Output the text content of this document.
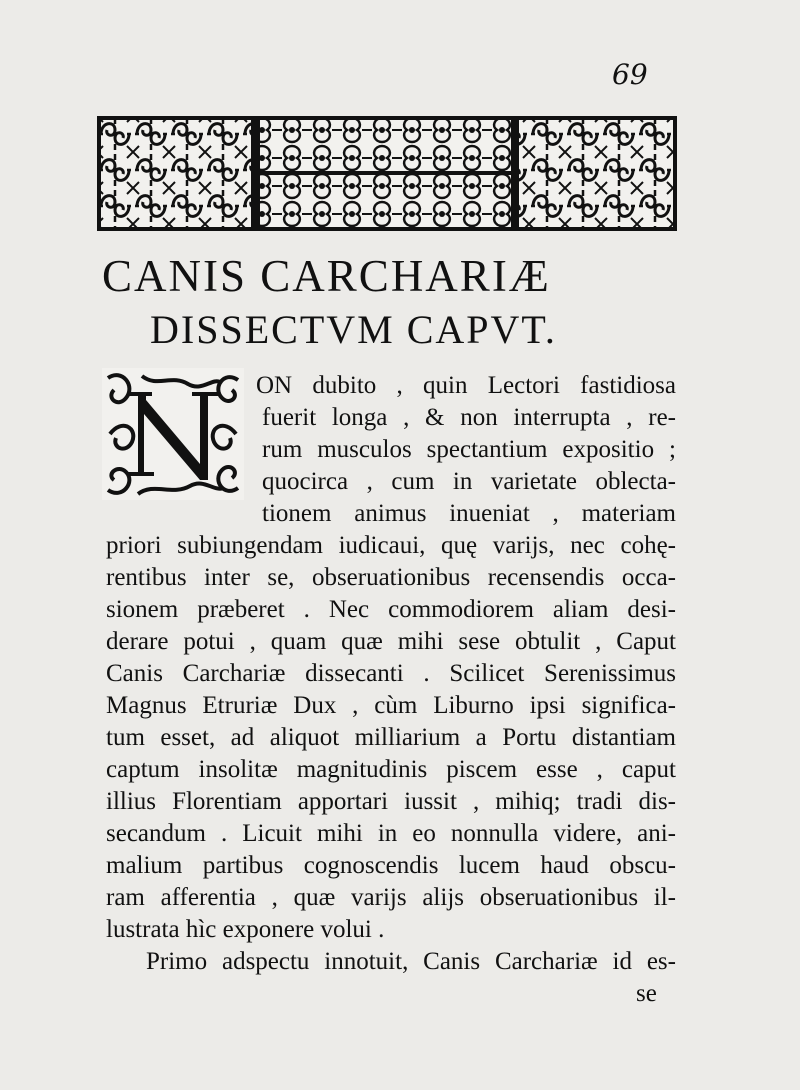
69
CANIS CARCHARIÆ
DISSECTVM CAPVT.
ON dubito , quin Lectori fastidiosa
fuerit longa , & non interrupta , re-
rum musculos spectantium expositio ;
quocirca , cum in varietate oblecta-
tionem animus inueniat , materiam
priori subiungendam iudicaui, quę varijs, nec cohę-
rentibus inter se, obseruationibus recensendis occa-
sionem præberet . Nec commodiorem aliam desi-
derare potui , quam quæ mihi sese obtulit , Caput
Canis Carchariæ dissecanti . Scilicet Serenissimus
Magnus Etruriæ Dux , cùm Liburno ipsi significa-
tum esset, ad aliquot milliarium a Portu distantiam
captum insolitæ magnitudinis piscem esse , caput
illius Florentiam apportari iussit , mihiq; tradi dis-
secandum . Licuit mihi in eo nonnulla videre, ani-
malium partibus cognoscendis lucem haud obscu-
ram afferentia , quæ varijs alijs obseruationibus il-
lustrata hìc exponere volui .
Primo adspectu innotuit, Canis Carchariæ id es-
se
